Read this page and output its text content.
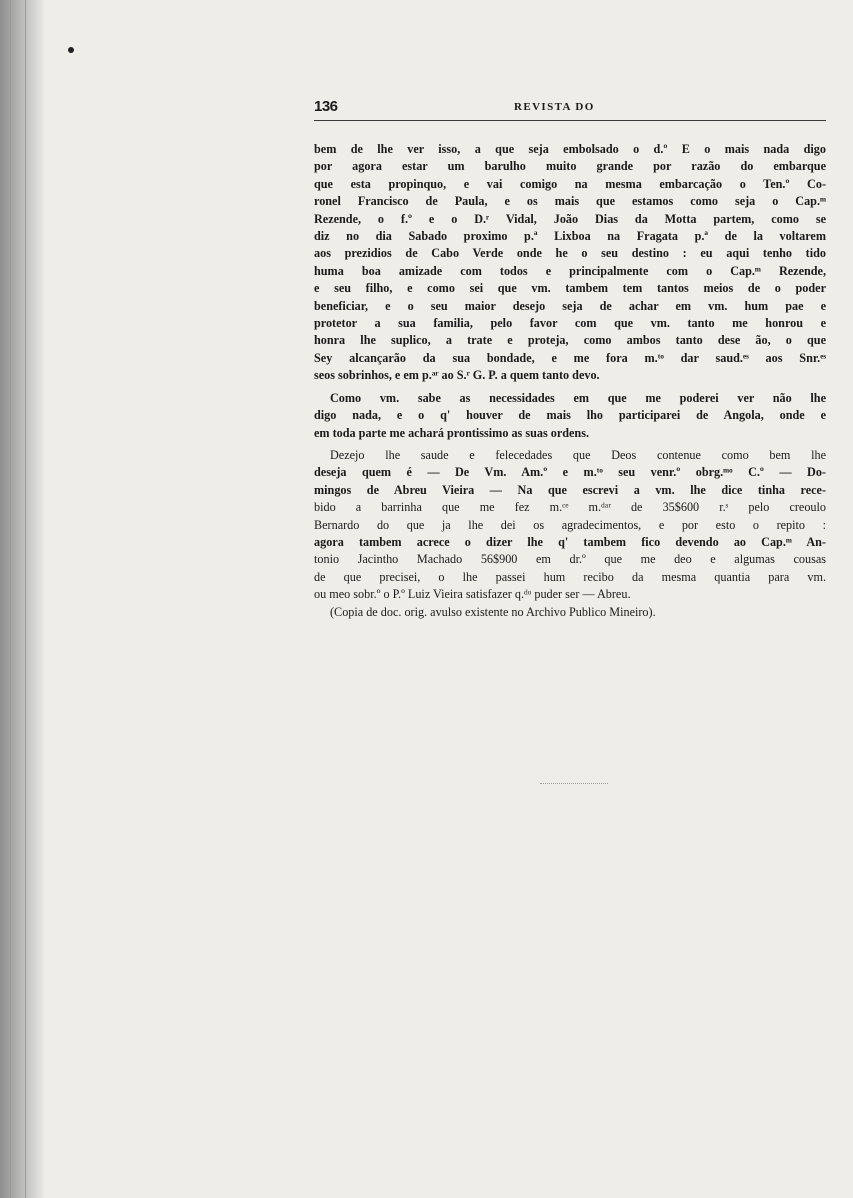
136	REVISTA DO

bem de lhe ver isso, a que seja embolsado o d.º E o mais nada digo
por agora estar um barulho muito grande por razão do embarque
que esta propinquo, e vai comigo na mesma embarcação o Ten.º Co-
ronel Francisco de Paula, e os mais que estamos como seja o Cap.ᵐ
Rezende, o f.º e o D.ʳ Vidal, João Dias da Motta partem, como se
diz no dia Sabado proximo p.ª Lixboa na Fragata p.ª de la voltarem
aos prezidios de Cabo Verde onde he o seu destino : eu aqui tenho tido
huma boa amizade com todos e principalmente com o Cap.ᵐ Rezende,
e seu filho, e como sei que vm. tambem tem tantos meios de o poder
beneficiar, e o seu maior desejo seja de achar em vm. hum pae e
protetor a sua familia, pelo favor com que vm. tanto me honrou e
honra lhe suplico, a trate e proteja, como ambos tanto dese ão, o que
Sey alcançarão da sua bondade, e me fora m.ᵗᵒ dar saud.ᵉˢ aos Snr.ᵉˢ
seos sobrinhos, e em p.ᵃʳ ao S.ʳ G. P. a quem tanto devo.

Como vm. sabe as necessidades em que me poderei ver não lhe
digo nada, e o q' houver de mais lho participarei de Angola, onde e
em toda parte me achará prontissimo as suas ordens.

Dezejo lhe saude e felecedades que Deos contenue como bem lhe
deseja quem é — De Vm. Am.º e m.ᵗᵒ seu venr.º obrg.ᵐᵒ C.º — Do-
mingos de Abreu Vieira — Na que escrevi a vm. lhe dice tinha rece-
bido a barrinha que me fez m.ᶜᵉ m.ᵈᵃʳ de 35$600 r.ˢ pelo creoulo
Bernardo do que ja lhe dei os agradecimentos, e por esto o repito :
agora tambem acrece o dizer lhe q' tambem fico devendo ao Cap.ᵐ An-
tonio Jacintho Machado 56$900 em dr.º que me deo e algumas cousas
de que precisei, o lhe passei hum recibo da mesma quantia para vm.
ou meo sobr.º o P.º Luiz Vieira satisfazer q.ᵈᵒ puder ser — Abreu.

(Copia de doc. orig. avulso existente no Archivo Publico Mineiro).
